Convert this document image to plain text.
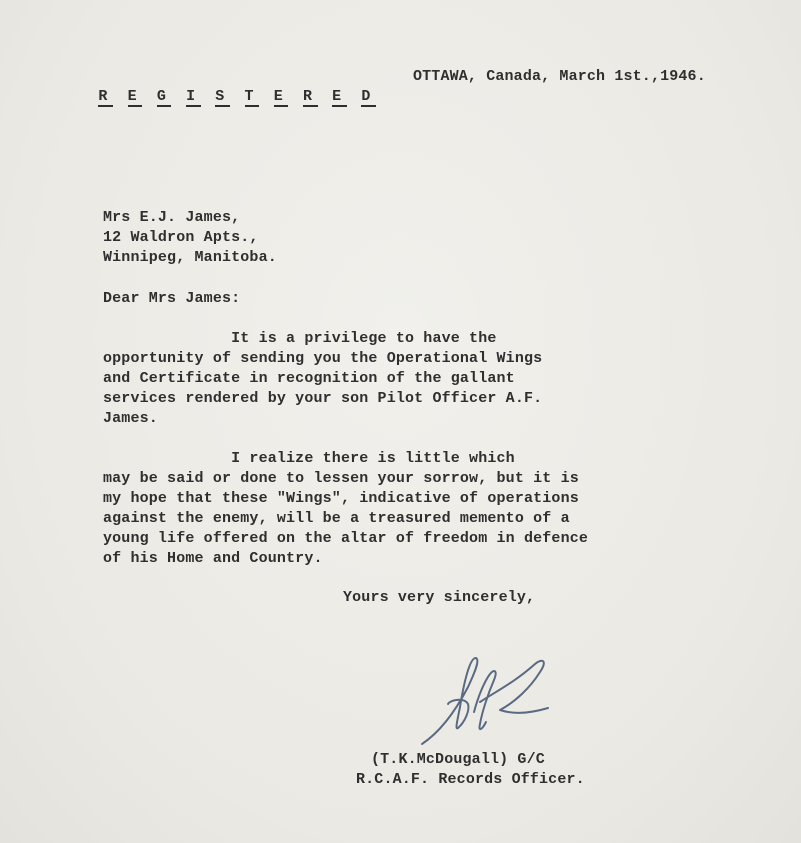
R E G I S T E R E D

OTTAWA, Canada, March 1st.,1946.
Mrs E.J. James,
12 Waldron Apts.,
Winnipeg, Manitoba.
Dear Mrs James:
It is a privilege to have the
opportunity of sending you the Operational Wings
and Certificate in recognition of the gallant
services rendered by your son Pilot Officer A.F.
James.
I realize there is little which
may be said or done to lessen your sorrow, but it is
my hope that these "Wings", indicative of operations
against the enemy, will be a treasured memento of a
young life offered on the altar of freedom in defence
of his Home and Country.
Yours very sincerely,
(T.K.McDougall) G/C
R.C.A.F. Records Officer.
